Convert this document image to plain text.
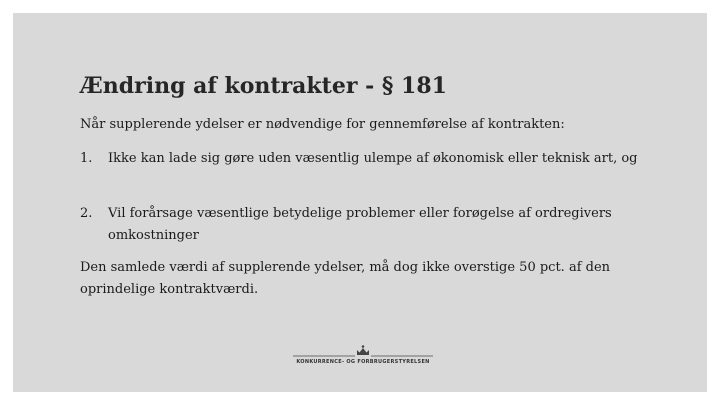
Ændring af kontrakter - § 181

Når supplerende ydelser er nødvendige for gennemførelse af kontrakten:

1.	Ikke kan lade sig gøre uden væsentlig ulempe af økonomisk eller teknisk art, og
2.	Vil forårsage væsentlige betydelige problemer eller forøgelse af ordregivers omkostninger

Den samlede værdi af supplerende ydelser, må dog ikke overstige 50 pct. af den oprindelige kontraktværdi.

KONKURRENCE- OG FORBRUGERSTYRELSEN
